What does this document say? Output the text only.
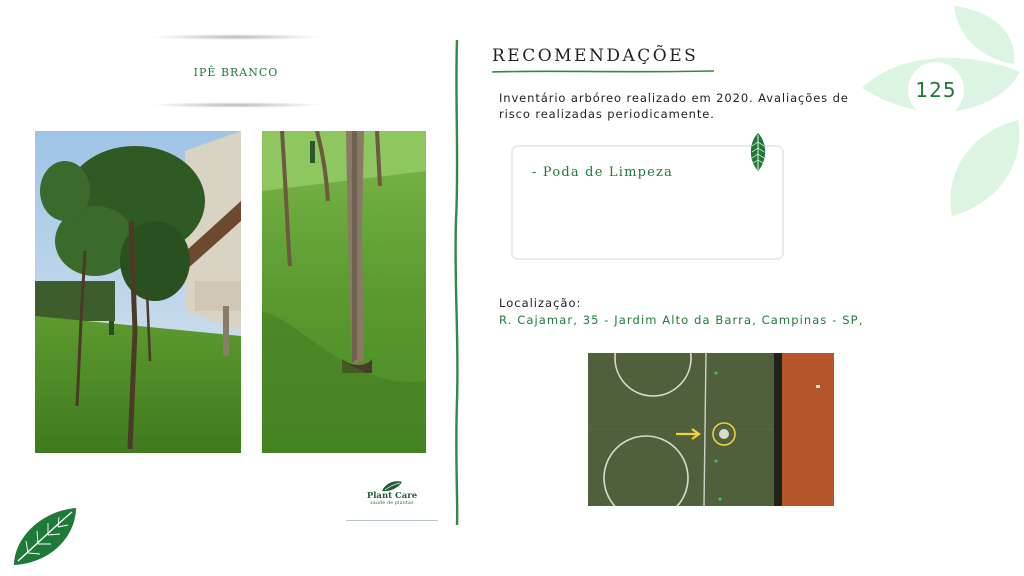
125
IPÊ BRANCO
Plant Care
saúde de plantas
RECOMENDAÇÕES
Inventário arbóreo realizado em 2020. Avaliações de risco realizadas periodicamente.
- Poda de Limpeza
Localização:
R. Cajamar, 35 - Jardim Alto da Barra, Campinas - SP,
